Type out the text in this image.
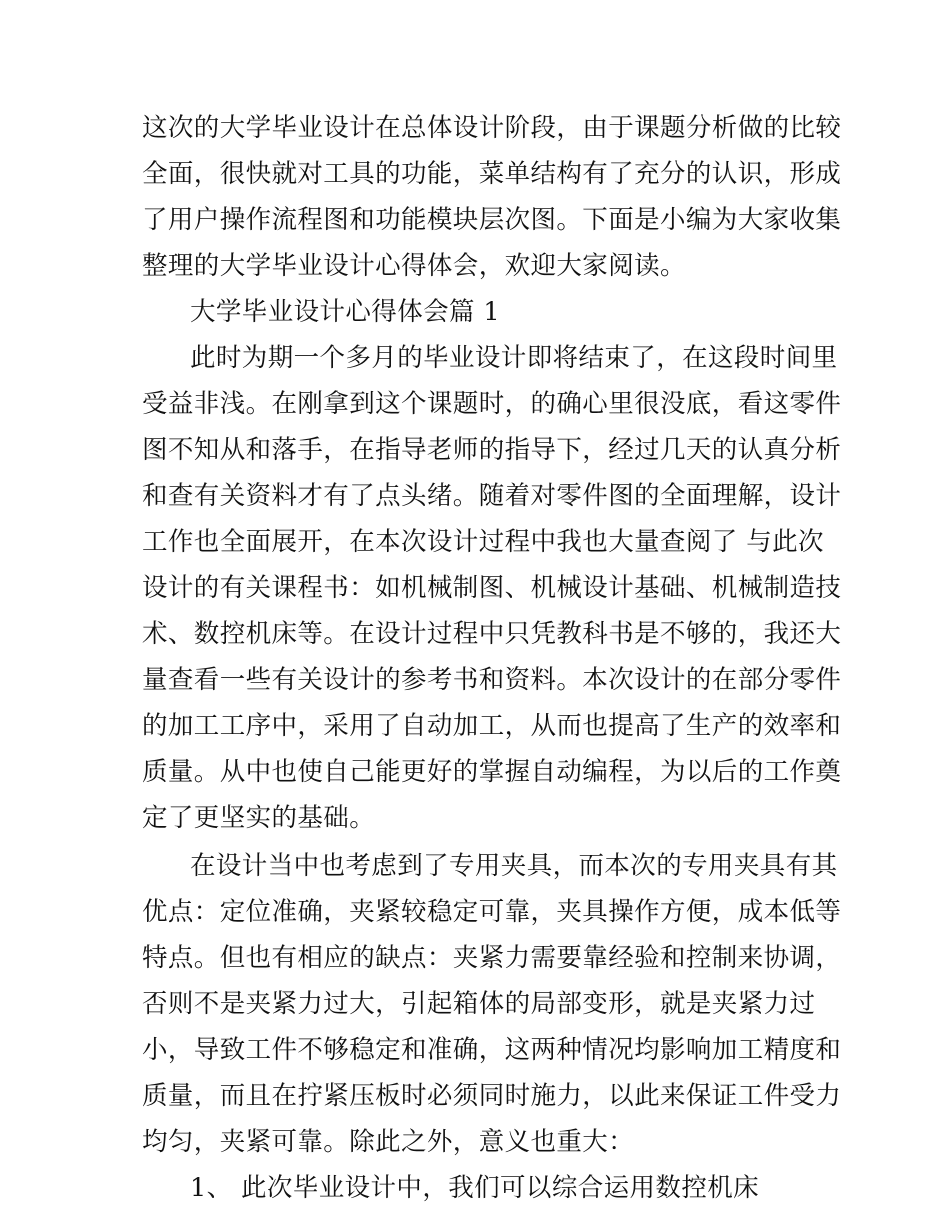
这次的大学毕业设计在总体设计阶段，由于课题分析做的比较
全面，很快就对工具的功能，菜单结构有了充分的认识，形成
了用户操作流程图和功能模块层次图。下面是小编为大家收集
整理的大学毕业设计心得体会，欢迎大家阅读。
大学毕业设计心得体会篇 1
此时为期一个多月的毕业设计即将结束了，在这段时间里
受益非浅。在刚拿到这个课题时，的确心里很没底，看这零件
图不知从和落手，在指导老师的指导下，经过几天的认真分析
和查有关资料才有了点头绪。随着对零件图的全面理解，设计
工作也全面展开，在本次设计过程中我也大量查阅了 与此次
设计的有关课程书：如机械制图、机械设计基础、机械制造技
术、数控机床等。在设计过程中只凭教科书是不够的，我还大
量查看一些有关设计的参考书和资料。本次设计的在部分零件
的加工工序中，采用了自动加工，从而也提高了生产的效率和
质量。从中也使自己能更好的掌握自动编程，为以后的工作奠
定了更坚实的基础。
在设计当中也考虑到了专用夹具，而本次的专用夹具有其
优点：定位准确，夹紧较稳定可靠，夹具操作方便，成本低等
特点。但也有相应的缺点：夹紧力需要靠经验和控制来协调，
否则不是夹紧力过大，引起箱体的局部变形，就是夹紧力过
小，导致工件不够稳定和准确，这两种情况均影响加工精度和
质量，而且在拧紧压板时必须同时施力，以此来保证工件受力
均匀，夹紧可靠。除此之外，意义也重大：
1、 此次毕业设计中，我们可以综合运用数控机床
